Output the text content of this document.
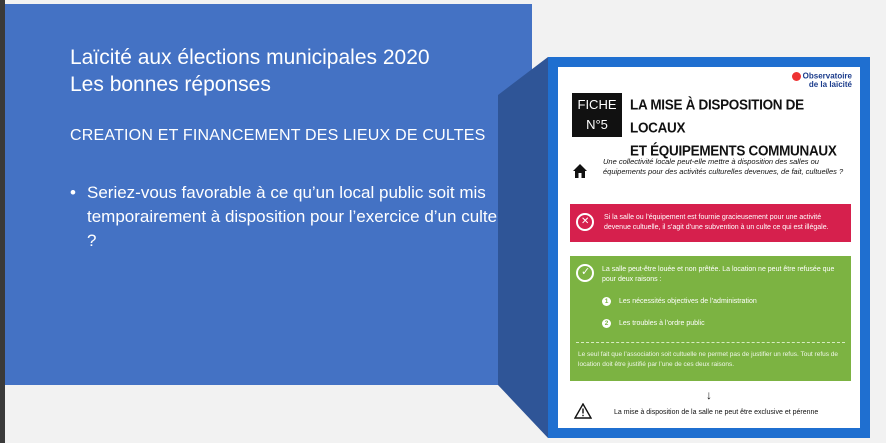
Laïcité aux élections municipales 2020
Les bonnes réponses
CREATION ET FINANCEMENT DES LIEUX DE CULTES
• Seriez-vous favorable à ce qu’un local public soit mis temporairement à disposition pour l’exercice d’un culte ?
Observatoire
de la laïcité
FICHE
N°5
LA MISE À DISPOSITION DE LOCAUX
ET ÉQUIPEMENTS COMMUNAUX
Une collectivité locale peut-elle mettre à disposition des salles ou équipements pour des activités culturelles devenues, de fait, cultuelles ?
✕
Si la salle ou l’équipement est fournie gracieusement pour une activité devenue cultuelle, il s’agit d’une subvention à un culte ce qui est illégale.
✓
La salle peut-être louée et non prêtée. La location ne peut être refusée que pour deux raisons :
1 Les nécessités objectives de l’administration
2 Les troubles à l’ordre public
Le seul fait que l’association soit cultuelle ne permet pas de justifier un refus. Tout refus de location doit être justifié par l’une de ces deux raisons.
↓
La mise à disposition de la salle ne peut être exclusive et pérenne
